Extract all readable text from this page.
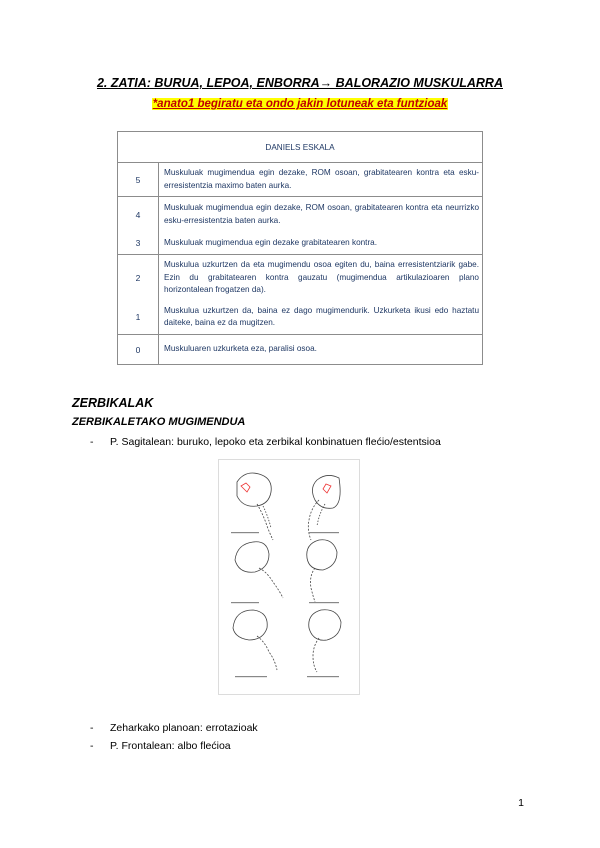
2. ZATIA: BURUA, LEPOA, ENBORRA→ BALORAZIO MUSKULARRA
*anato1 begiratu eta ondo jakin lotuneak eta funtzioak
DANIELS ESKALA	
5	Muskuluak mugimendua egin dezake, ROM osoan, grabitatearen kontra eta esku-erresistentzia maximo baten aurka.
4	Muskuluak mugimendua egin dezake, ROM osoan, grabitatearen kontra eta neurrizko esku-erresistentzia baten aurka.
3	Muskuluak mugimendua egin dezake grabitatearen kontra.
2	Muskulua uzkurtzen da eta mugimendu osoa egiten du, baina erresistentziarik gabe. Ezin du grabitatearen kontra gauzatu (mugimendua artikulazioaren plano horizontalean frogatzen da).
1	Muskulua uzkurtzen da, baina ez dago mugimendurik. Uzkurketa ikusi edo haztatu daiteke, baina ez da mugitzen.
0	Muskuluaren uzkurketa eza, paralisi osoa.
ZERBIKALAK
ZERBIKALETAKO MUGIMENDUA
- P. Sagitalean: buruko, lepoko eta zerbikal konbinatuen flećio/estentsioa
- Zeharkako planoan: errotazioak
- P. Frontalean: albo flećioa
1
